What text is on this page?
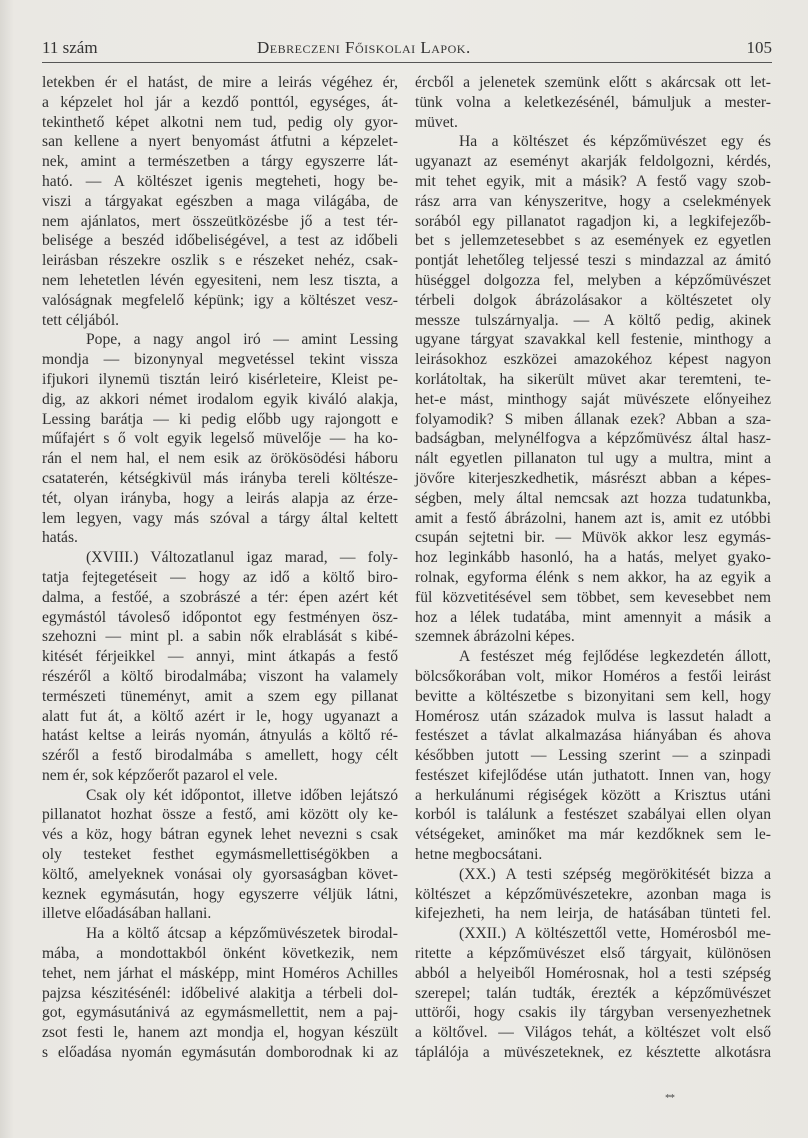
11 szám	Debreczeni Főiskolai Lapok.	105
letekben ér el hatást, de mire a leirás végéhez ér,
a képzelet hol jár a kezdő ponttól, egységes, át-
tekinthető képet alkotni nem tud, pedig oly gyor-
san kellene a nyert benyomást átfutni a képzelet-
nek, amint a természetben a tárgy egyszerre lát-
ható. — A költészet igenis megteheti, hogy be-
viszi a tárgyakat egészben a maga világába, de
nem ajánlatos, mert összeütközésbe jő a test tér-
belisége a beszéd időbeliségével, a test az időbeli
leirásban részekre oszlik s e részeket nehéz, csak-
nem lehetetlen lévén egyesiteni, nem lesz tiszta, a
valóságnak megfelelő képünk; igy a költészet vesz-
tett céljából.
Pope, a nagy angol iró — amint Lessing
mondja — bizonynyal megvetéssel tekint vissza
ifjukori ilynemü tisztán leiró kisérleteire, Kleist pe-
dig, az akkori német irodalom egyik kiváló alakja,
Lessing barátja — ki pedig előbb ugy rajongott e
műfajért s ő volt egyik legelső müvelője — ha ko-
rán el nem hal, el nem esik az örökösödési háboru
csataterén, kétségkivül más irányba tereli költésze-
tét, olyan irányba, hogy a leirás alapja az érze-
lem legyen, vagy más szóval a tárgy által keltett
hatás.
(XVIII.) Változatlanul igaz marad, — foly-
tatja fejtegetéseit — hogy az idő a költő biro-
dalma, a festőé, a szobrászé a tér: épen azért két
egymástól távoleső időpontot egy festményen ösz-
szehozni — mint pl. a sabin nők elrablását s kibé-
kitését férjeikkel — annyi, mint átkapás a festő
részéről a költő birodalmába; viszont ha valamely
természeti tüneményt, amit a szem egy pillanat
alatt fut át, a költő azért ir le, hogy ugyanazt a
hatást keltse a leirás nyomán, átnyulás a költő ré-
széről a festő birodalmába s amellett, hogy célt
nem ér, sok képzőerőt pazarol el vele.
Csak oly két időpontot, illetve időben lejátszó
pillanatot hozhat össze a festő, ami között oly ke-
vés a köz, hogy bátran egynek lehet nevezni s csak
oly testeket festhet egymásmellettiségökben a
költő, amelyeknek vonásai oly gyorsaságban követ-
keznek egymásután, hogy egyszerre véljük látni,
illetve előadásában hallani.
Ha a költő átcsap a képzőmüvészetek birodal-
mába, a mondottakból önként következik, nem
tehet, nem járhat el másképp, mint Homéros Achilles
pajzsa készitésénél: időbelivé alakitja a térbeli dol-
got, egymásutánivá az egymásmellettit, nem a paj-
zsot festi le, hanem azt mondja el, hogyan készült
s előadása nyomán egymásután domborodnak ki az
ércből a jelenetek szemünk előtt s akárcsak ott let-
tünk volna a keletkezésénél, bámuljuk a mester-
müvet.
Ha a költészet és képzőmüvészet egy és
ugyanazt az eseményt akarják feldolgozni, kérdés,
mit tehet egyik, mit a másik? A festő vagy szob-
rász arra van kényszeritve, hogy a cselekmények
sorából egy pillanatot ragadjon ki, a legkifejezőb-
bet s jellemzetesebbet s az események ez egyetlen
pontját lehetőleg teljessé teszi s mindazzal az ámitó
hüséggel dolgozza fel, melyben a képzőmüvészet
térbeli dolgok ábrázolásakor a költészetet oly
messze tulszárnyalja. — A költő pedig, akinek
ugyane tárgyat szavakkal kell festenie, minthogy a
leirásokhoz eszközei amazokéhoz képest nagyon
korlátoltak, ha sikerült müvet akar teremteni, te-
het-e mást, minthogy saját müvészete előnyeihez
folyamodik? S miben állanak ezek? Abban a sza-
badságban, melynélfogva a képzőmüvész által hasz-
nált egyetlen pillanaton tul ugy a multra, mint a
jövőre kiterjeszkedhetik, másrészt abban a képes-
ségben, mely által nemcsak azt hozza tudatunkba,
amit a festő ábrázolni, hanem azt is, amit ez utóbbi
csupán sejtetni bir. — Müvök akkor lesz egymás-
hoz leginkább hasonló, ha a hatás, melyet gyako-
rolnak, egyforma élénk s nem akkor, ha az egyik a
fül közvetitésével sem többet, sem kevesebbet nem
hoz a lélek tudatába, mint amennyit a másik a
szemnek ábrázolni képes.
A festészet még fejlődése legkezdetén állott,
bölcsőkorában volt, mikor Homéros a festői leirást
bevitte a költészetbe s bizonyitani sem kell, hogy
Homérosz után századok mulva is lassut haladt a
festészet a távlat alkalmazása hiányában és ahova
későbben jutott — Lessing szerint — a szinpadi
festészet kifejlődése után juthatott. Innen van, hogy
a herkulánumi régiségek között a Krisztus utáni
korból is találunk a festészet szabályai ellen olyan
vétségeket, aminőket ma már kezdőknek sem le-
hetne megbocsátani.
(XX.) A testi szépség megörökitését bizza a
költészet a képzőmüvészetekre, azonban maga is
kifejezheti, ha nem leirja, de hatásában tünteti fel.
(XXII.) A költészettől vette, Homérosból me-
ritette a képzőmüvészet első tárgyait, különösen
abból a helyeiből Homérosnak, hol a testi szépség
szerepel; talán tudták, érezték a képzőmüvészet
uttörői, hogy csakis ily tárgyban versenyezhetnek
a költővel. — Világos tehát, a költészet volt első
táplálója a müvészeteknek, ez késztette alkotásra
**
